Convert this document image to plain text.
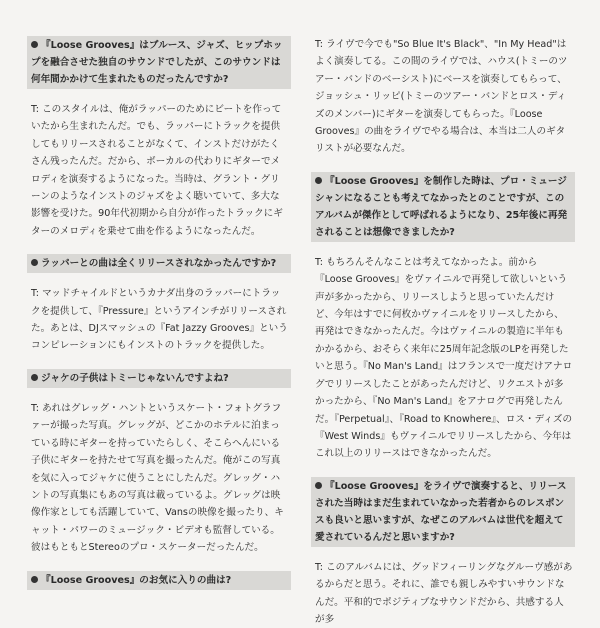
『Loose Grooves』はブルース、ジャズ、ヒップホップを融合させた独自のサウンドでしたが、このサウンドは何年間かかけて生まれたものだったんですか?
T: このスタイルは、俺がラッパーのためにビートを作っていたから生まれたんだ。でも、ラッパーにトラックを提供してもリリースされることがなくて、インストだけがたくさん残ったんだ。だから、ボーカルの代わりにギターでメロディを演奏するようになった。当時は、グラント・グリーンのようなインストのジャズをよく聴いていて、多大な影響を受けた。90年代初期から自分が作ったトラックにギターのメロディを乗せて曲を作るようになったんだ。
ラッパーとの曲は全くリリースされなかったんですか?
T: マッドチャイルドというカナダ出身のラッパーにトラックを提供して、『Pressure』というアインチがリリースされた。あとは、DJスマッシュの『Fat Jazzy Grooves』というコンピレーションにもインストのトラックを提供した。
ジャケの子供はトミーじゃないんですよね?
T: あれはグレッグ・ハントというスケート・フォトグラファーが撮った写真。グレッグが、どこかのホテルに泊まっている時にギターを持っていたらしく、そこらへんにいる子供にギターを持たせて写真を撮ったんだ。俺がこの写真を気に入ってジャケに使うことにしたんだ。グレッグ・ハントの写真集にもあの写真は載っているよ。グレッグは映像作家としても活躍していて、Vansの映像を撮ったり、キャット・パワーのミュージック・ビデオも監督している。彼はもともとStereoのプロ・スケーターだったんだ。
『Loose Grooves』のお気に入りの曲は?
T: ライヴで今でも"So Blue It's Black"、"In My Head"はよく演奏してる。この間のライヴでは、ハウス(トミーのツアー・バンドのベーシスト)にベースを演奏してもらって、ジョッシュ・リッピ(トミーのツアー・バンドとロス・ディズのメンバー)にギターを演奏してもらった。『Loose Grooves』の曲をライヴでやる場合は、本当は二人のギタリストが必要なんだ。
『Loose Grooves』を制作した時は、プロ・ミュージシャンになることも考えてなかったとのことですが、このアルバムが傑作として呼ばれるようになり、25年後に再発されることは想像できましたか?
T: もちろんそんなことは考えてなかったよ。前から『Loose Grooves』をヴァイニルで再発して欲しいという声が多かったから、リリースしようと思っていたんだけど、今年はすでに何枚かヴァイニルをリリースしたから、再発はできなかったんだ。今はヴァイニルの製造に半年もかかるから、おそらく来年に25周年記念版のLPを再発したいと思う。『No Man's Land』はフランスで一度だけアナログでリリースしたことがあったんだけど、リクエストが多かったから、『No Man's Land』をアナログで再発したんだ。『Perpetual』、『Road to Knowhere』、ロス・ディズの『West Winds』もヴァイニルでリリースしたから、今年はこれ以上のリリースはできなかったんだ。
『Loose Grooves』をライヴで演奏すると、リリースされた当時はまだ生まれていなかった若者からのレスポンスも良いと思いますが、なぜこのアルバムは世代を超えて愛されているんだと思いますか?
T: このアルバムには、グッドフィーリングなグルーヴ感があるからだと思う。それに、誰でも親しみやすいサウンドなんだ。平和的でポジティブなサウンドだから、共感する人が多
